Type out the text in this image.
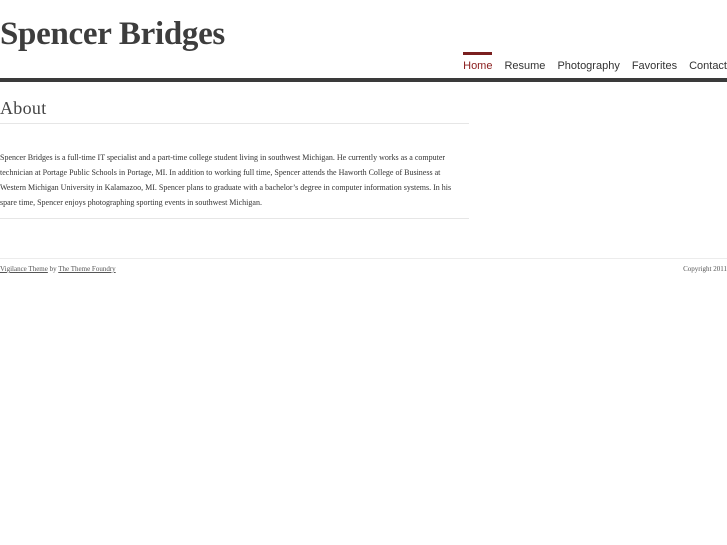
Spencer Bridges
Home Resume Photography Favorites Contact
About

Spencer Bridges is a full-time IT specialist and a part-time college student living in southwest Michigan. He currently works as a computer technician at Portage Public Schools in Portage, MI. In addition to working full time, Spencer attends the Haworth College of Business at Western Michigan University in Kalamazoo, MI. Spencer plans to graduate with a bachelor’s degree in computer information systems. In his spare time, Spencer enjoys photographing sporting events in southwest Michigan.

Vigilance Theme by The Theme Foundry	Copyright 2011
